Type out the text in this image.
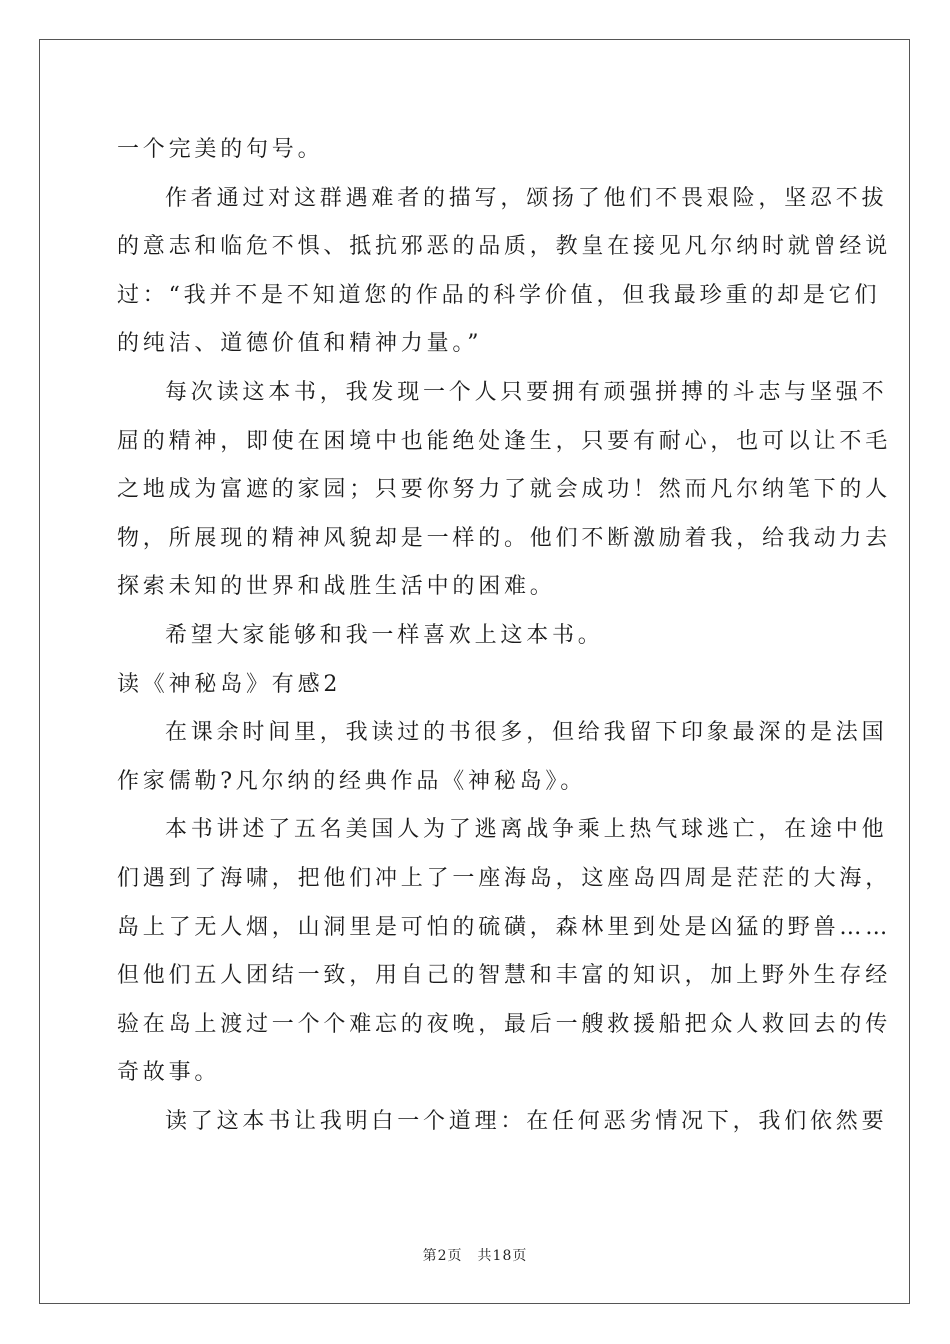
一个完美的句号。
作者通过对这群遇难者的描写，颂扬了他们不畏艰险，坚忍不拔
的意志和临危不惧、抵抗邪恶的品质，教皇在接见凡尔纳时就曾经说
过：“我并不是不知道您的作品的科学价值，但我最珍重的却是它们
的纯洁、道德价值和精神力量。”
每次读这本书，我发现一个人只要拥有顽强拼搏的斗志与坚强不
屈的精神，即使在困境中也能绝处逢生，只要有耐心，也可以让不毛
之地成为富遮的家园；只要你努力了就会成功！然而凡尔纳笔下的人
物，所展现的精神风貌却是一样的。他们不断激励着我，给我动力去
探索未知的世界和战胜生活中的困难。
希望大家能够和我一样喜欢上这本书。
读《神秘岛》有感2
在课余时间里，我读过的书很多，但给我留下印象最深的是法国
作家儒勒?凡尔纳的经典作品《神秘岛》。
本书讲述了五名美国人为了逃离战争乘上热气球逃亡，在途中他
们遇到了海啸，把他们冲上了一座海岛，这座岛四周是茫茫的大海，
岛上了无人烟，山洞里是可怕的硫磺，森林里到处是凶猛的野兽……
但他们五人团结一致，用自己的智慧和丰富的知识，加上野外生存经
验在岛上渡过一个个难忘的夜晚，最后一艘救援船把众人救回去的传
奇故事。
读了这本书让我明白一个道理：在任何恶劣情况下，我们依然要
第2页　共18页
